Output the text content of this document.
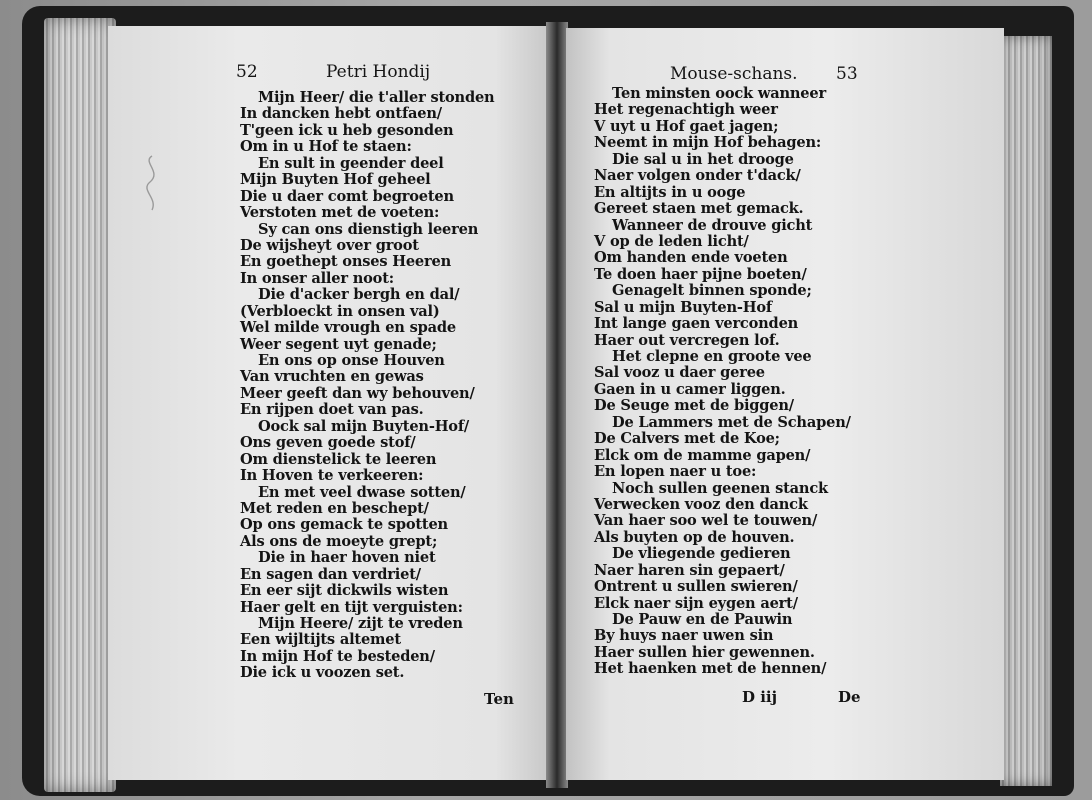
52	Petri Hondij
Mijn Heer/ die t'aller stonden
In dancken hebt ontfaen/
T'geen ick u heb gesonden
Om in u Hof te staen:
En sult in geender deel
Mijn Buyten Hof geheel
Die u daer comt begroeten
Verstoten met de voeten:
Sy can ons dienstigh leeren
De wijsheyt over groot
En goethept onses Heeren
In onser aller noot:
Die d'acker bergh en dal/
(Verbloeckt in onsen val)
Wel milde vrough en spade
Weer segent uyt genade;
En ons op onse Houven
Van vruchten en gewas
Meer geeft dan wy behouven/
En rijpen doet van pas.
Oock sal mijn Buyten-Hof/
Ons geven goede stof/
Om dienstelick te leeren
In Hoven te verkeeren:
En met veel dwase sotten/
Met reden en beschept/
Op ons gemack te spotten
Als ons de moeyte grept;
Die in haer hoven niet
En sagen dan verdriet/
En eer sijt dickwils wisten
Haer gelt en tijt verguisten:
Mijn Heere/ zijt te vreden
Een wijltijts altemet
In mijn Hof te besteden/
Die ick u voozen set.
Ten
Mouse-schans. 53
Ten minsten oock wanneer
Het regenachtigh weer
V uyt u Hof gaet jagen;
Neemt in mijn Hof behagen:
Die sal u in het drooge
Naer volgen onder t'dack/
En altijts in u ooge
Gereet staen met gemack.
Wanneer de drouve gicht
V op de leden licht/
Om handen ende voeten
Te doen haer pijne boeten/
Genagelt binnen sponde;
Sal u mijn Buyten-Hof
Int lange gaen verconden
Haer out vercregen lof.
Het clepne en groote vee
Sal vooz u daer geree
Gaen in u camer liggen.
De Seuge met de biggen/
De Lammers met de Schapen/
De Calvers met de Koe;
Elck om de mamme gapen/
En lopen naer u toe:
Noch sullen geenen stanck
Verwecken vooz den danck
Van haer soo wel te touwen/
Als buyten op de houven.
De vliegende gedieren
Naer haren sin gepaert/
Ontrent u sullen swieren/
Elck naer sijn eygen aert/
De Pauw en de Pauwin
By huys naer uwen sin
Haer sullen hier gewennen.
Het haenken met de hennen/
D iij	De
